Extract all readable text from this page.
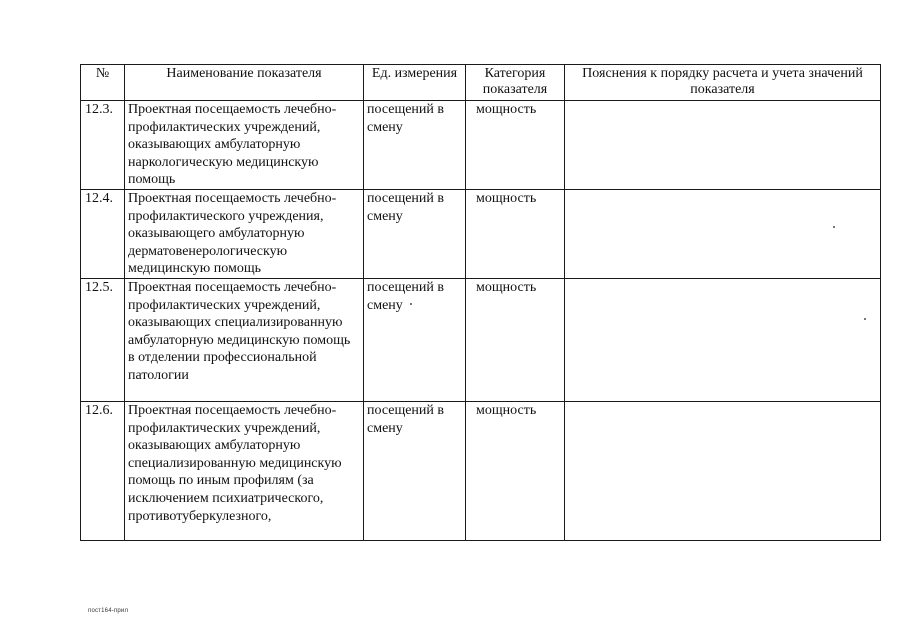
№	Наименование показателя	Ед. измерения	Категория показателя	Пояснения к порядку расчета и учета значений показателя
12.3.	Проектная посещаемость лечебно-профилактических учреждений, оказывающих амбулаторную наркологическую медицинскую помощь	посещений в смену	мощность	
12.4.	Проектная посещаемость лечебно-профилактического учреждения, оказывающего амбулаторную дерматовенерологическую медицинскую помощь	посещений в смену	мощность	
12.5.	Проектная посещаемость лечебно-профилактических учреждений, оказывающих специализированную амбулаторную медицинскую помощь в отделении профессиональной патологии	посещений в смену	мощность	
12.6.	Проектная посещаемость лечебно-профилактических учреждений, оказывающих амбулаторную специализированную медицинскую помощь по иным профилям (за исключением психиатрического, противотуберкулезного,	посещений в смену	мощность	
пост164-прил
